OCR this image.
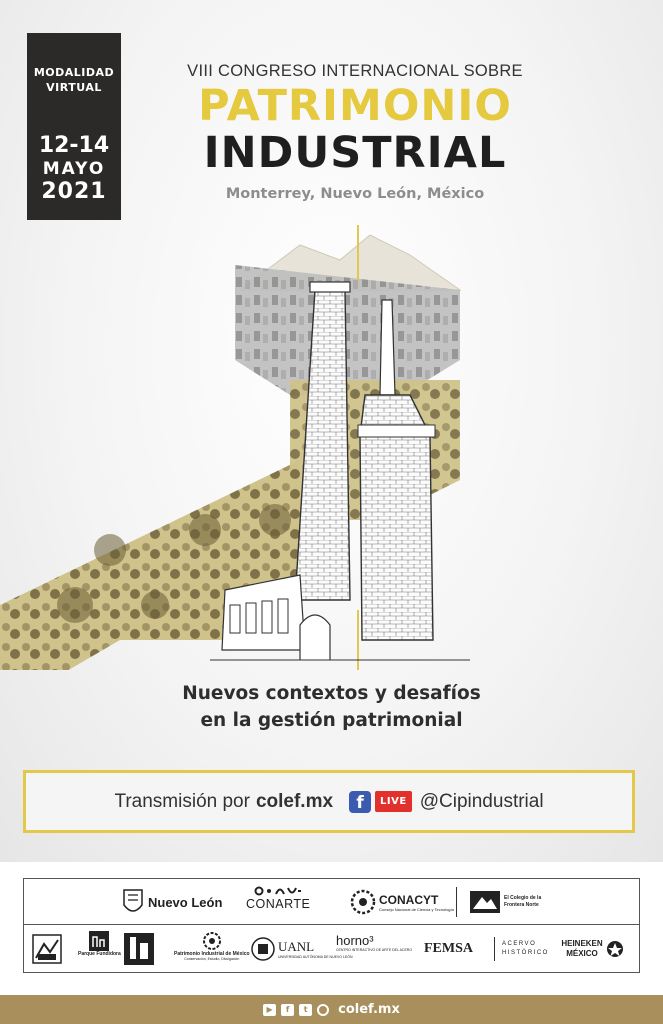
MODALIDAD
VIRTUAL
12-14
MAYO
2021
VIII CONGRESO INTERNACIONAL SOBRE
PATRIMONIO
INDUSTRIAL
Monterrey, Nuevo León, México
Nuevos contextos y desafíos
en la gestión patrimonial
Transmisión por colef.mx	f	LIVE @Cipindustrial
Nuevo León CONARTE	CONACYT
Consejo Nacional de Ciencia y Tecnología
El Colegio de la Frontera Norte
Parque Fundidora	Patrimonio Industrial de México
Conservación, Estudio, Divulgación
UANL
UNIVERSIDAD AUTÓNOMA DE NUEVO LEÓN
horno³
CENTRO INTERACTIVO DE ARTE DEL ACERO FEMSA	ACERVO HISTÓRICO
HEINEKEN MÉXICO
▶	f	t	colef.mx
